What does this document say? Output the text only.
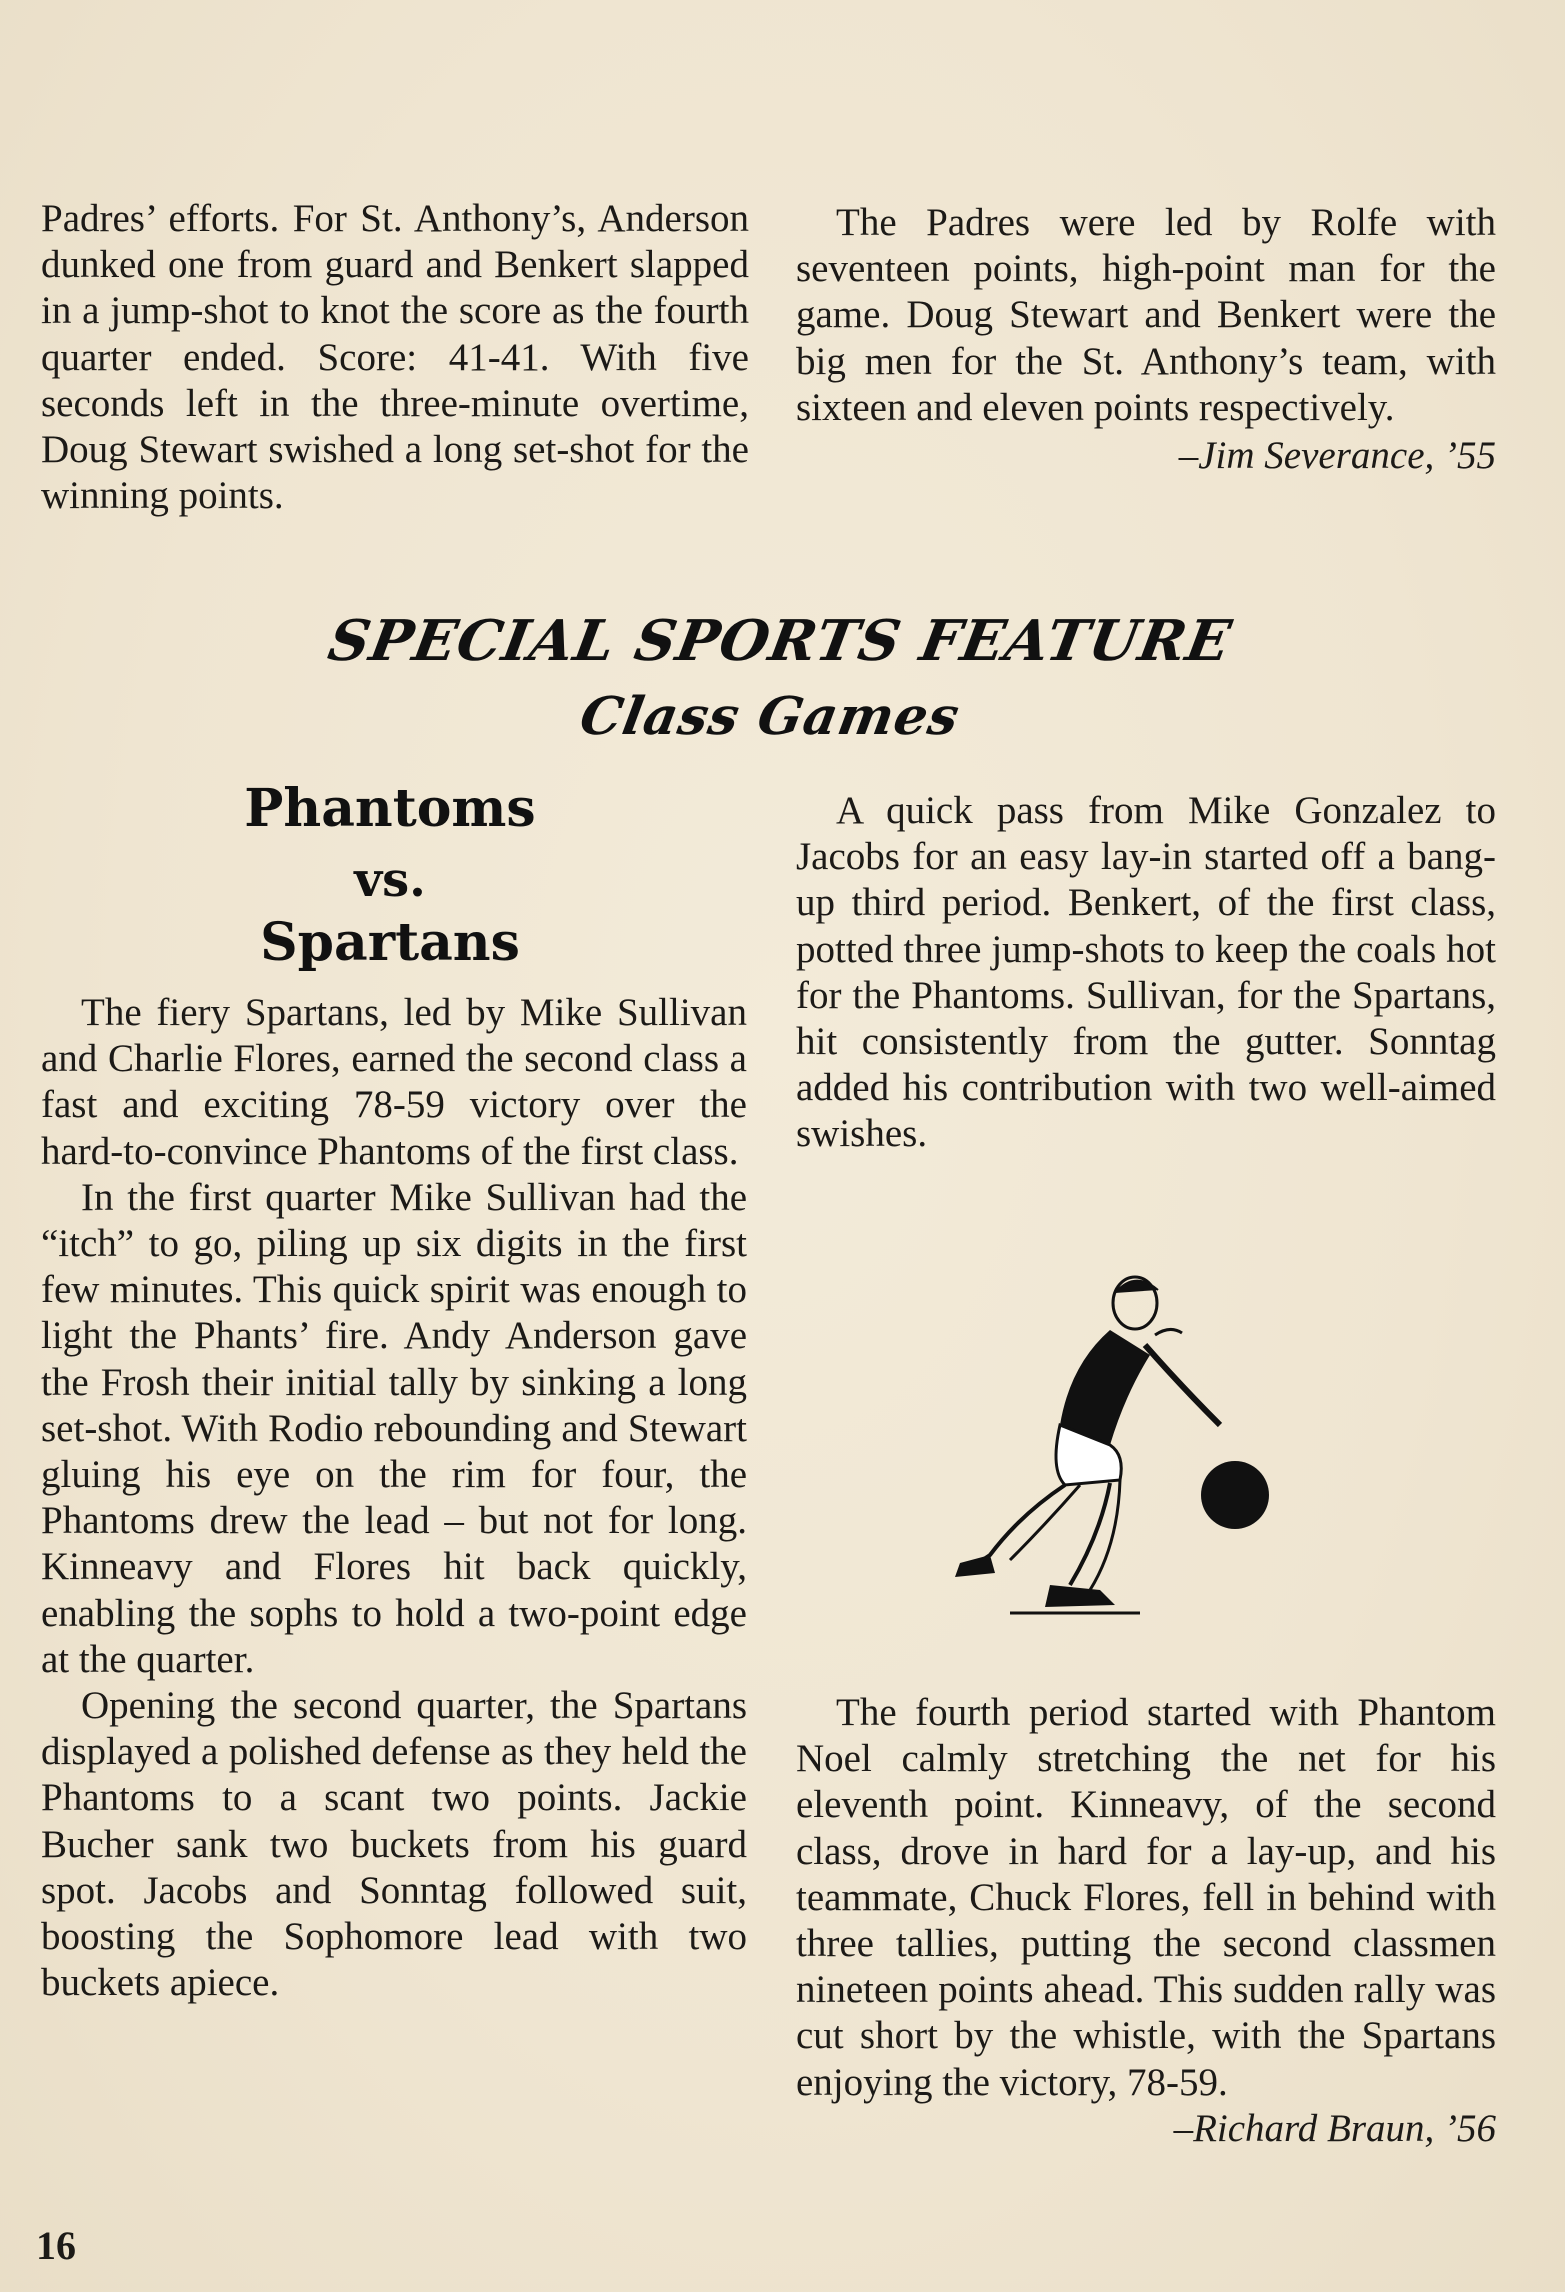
Padres’ efforts. For St. Anthony’s, Anderson dunked one from guard and Benkert slapped in a jump-shot to knot the score as the fourth quarter ended. Score: 41-41. With five seconds left in the three-minute overtime, Doug Stewart swished a long set-shot for the winning points.

The Padres were led by Rolfe with seventeen points, high-point man for the game. Doug Stewart and Benkert were the big men for the St. Anthony’s team, with sixteen and eleven points respectively.

–Jim Severance, ’55

SPECIAL SPORTS FEATURE
Class Games
Phantoms
vs.
Spartans

The fiery Spartans, led by Mike Sullivan and Charlie Flores, earned the second class a fast and exciting 78-59 victory over the hard-to-convince Phantoms of the first class.

In the first quarter Mike Sullivan had the “itch” to go, piling up six digits in the first few minutes. This quick spirit was enough to light the Phants’ fire. Andy Anderson gave the Frosh their initial tally by sinking a long set-shot. With Rodio rebounding and Stewart gluing his eye on the rim for four, the Phantoms drew the lead – but not for long. Kinneavy and Flores hit back quickly, enabling the sophs to hold a two-point edge at the quarter.

Opening the second quarter, the Spartans displayed a polished defense as they held the Phantoms to a scant two points. Jackie Bucher sank two buckets from his guard spot. Jacobs and Sonntag followed suit, boosting the Sophomore lead with two buckets apiece.

A quick pass from Mike Gonzalez to Jacobs for an easy lay-in started off a bang-up third period. Benkert, of the first class, potted three jump-shots to keep the coals hot for the Phantoms. Sullivan, for the Spartans, hit consistently from the gutter. Sonntag added his contribution with two well-aimed swishes.

The fourth period started with Phantom Noel calmly stretching the net for his eleventh point. Kinneavy, of the second class, drove in hard for a lay-up, and his teammate, Chuck Flores, fell in behind with three tallies, putting the second classmen nineteen points ahead. This sudden rally was cut short by the whistle, with the Spartans enjoying the victory, 78-59.

–Richard Braun, ’56

16
